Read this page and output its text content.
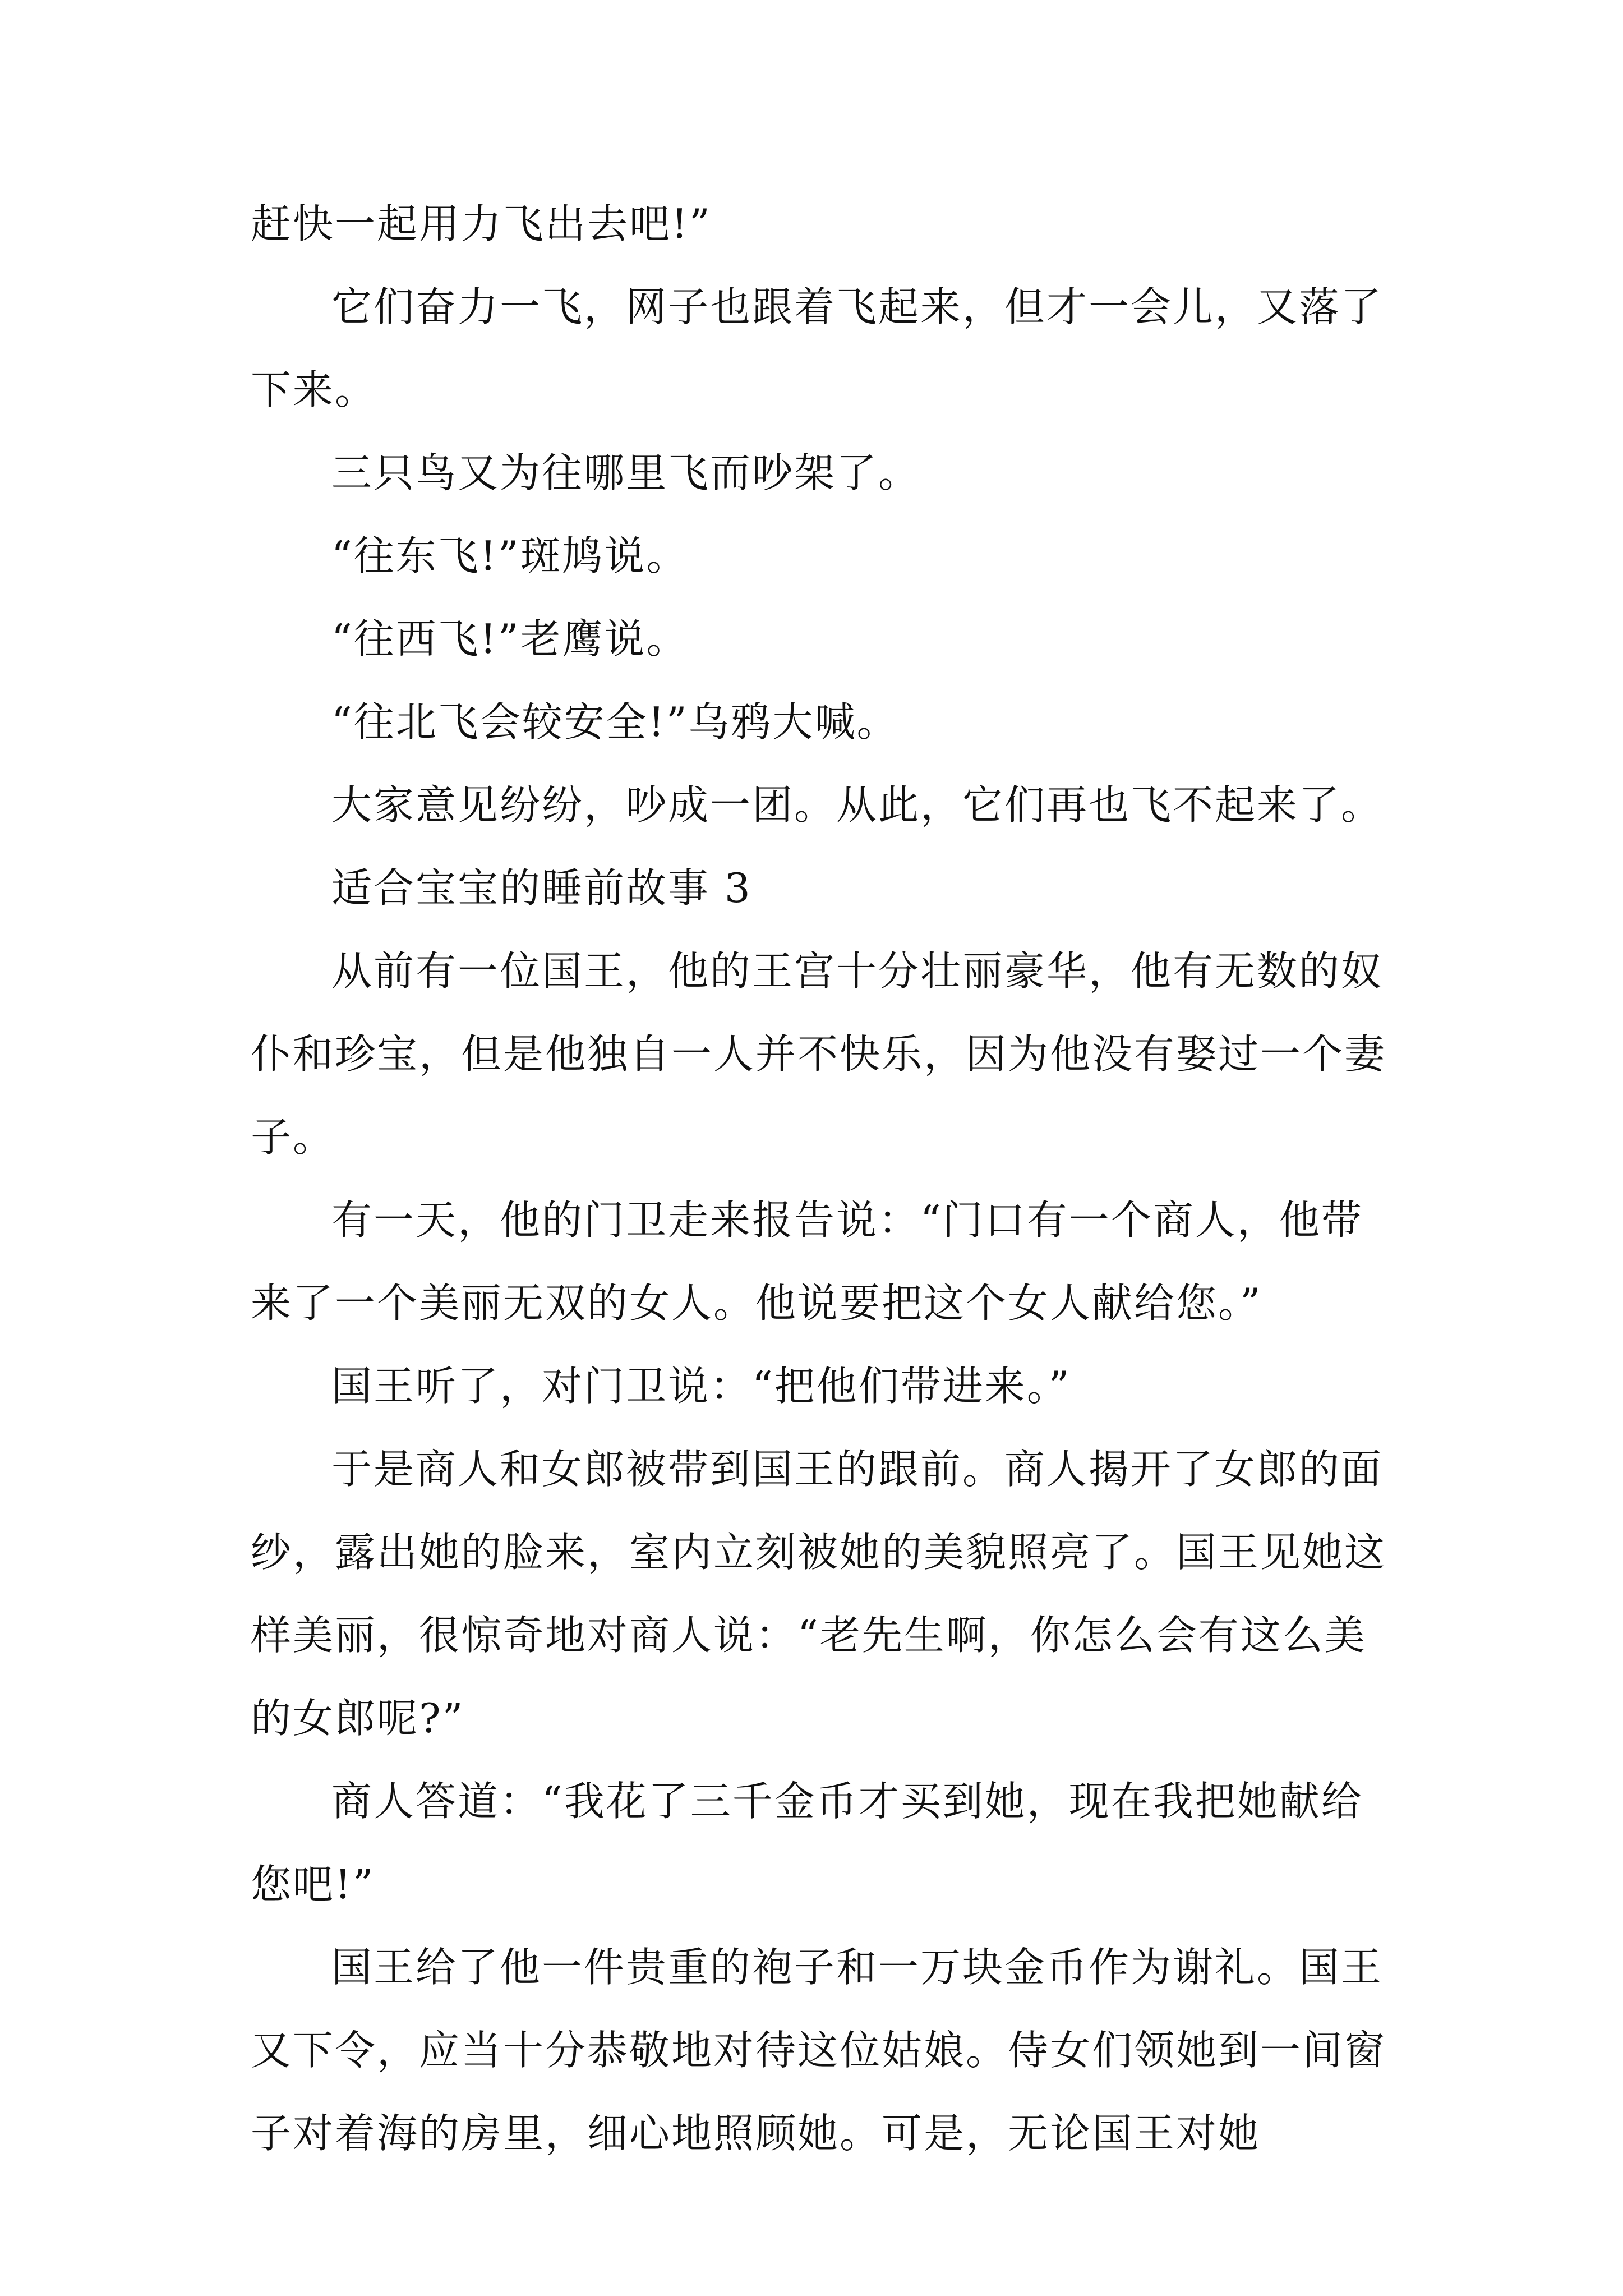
赶快一起用力飞出去吧!”

它们奋力一飞，网子也跟着飞起来，但才一会儿，又落了下来。

三只鸟又为往哪里飞而吵架了。

“往东飞!”斑鸠说。

“往西飞!”老鹰说。

“往北飞会较安全!”乌鸦大喊。

大家意见纷纷，吵成一团。从此，它们再也飞不起来了。

适合宝宝的睡前故事 3

从前有一位国王，他的王宫十分壮丽豪华，他有无数的奴仆和珍宝，但是他独自一人并不快乐，因为他没有娶过一个妻子。

有一天，他的门卫走来报告说：“门口有一个商人，他带来了一个美丽无双的女人。他说要把这个女人献给您。”

国王听了，对门卫说：“把他们带进来。”

于是商人和女郎被带到国王的跟前。商人揭开了女郎的面纱，露出她的脸来，室内立刻被她的美貌照亮了。国王见她这样美丽，很惊奇地对商人说：“老先生啊，你怎么会有这么美的女郎呢?”

商人答道：“我花了三千金币才买到她，现在我把她献给您吧!”

国王给了他一件贵重的袍子和一万块金币作为谢礼。国王又下令，应当十分恭敬地对待这位姑娘。侍女们领她到一间窗子对着海的房里，细心地照顾她。可是，无论国王对她
